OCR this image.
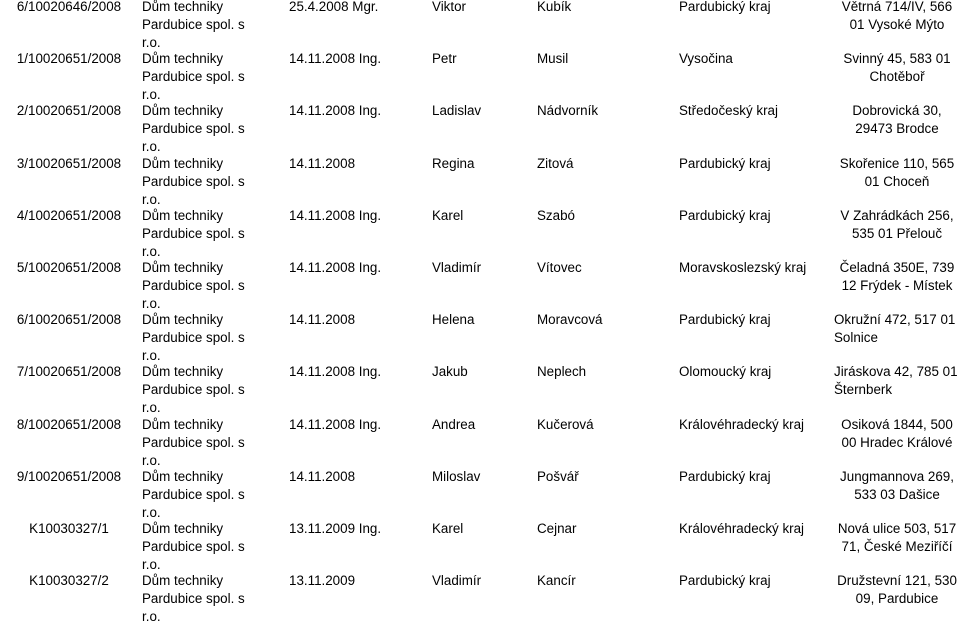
6/10020646/2008	Dům techniky
Pardubice spol. s
r.o.
25.4.2008 Mgr.	Viktor	Kubík	Pardubický kraj	Větrná 714/IV, 566
01 Vysoké Mýto
1/10020651/2008	Dům techniky
Pardubice spol. s
r.o.
14.11.2008 Ing.	Petr	Musil	Vysočina	Svinný 45, 583 01
Chotěboř
2/10020651/2008	Dům techniky
Pardubice spol. s
r.o.
14.11.2008 Ing.	Ladislav	Nádvorník	Středočeský kraj	Dobrovická 30,
29473 Brodce
3/10020651/2008	Dům techniky
Pardubice spol. s
r.o.
14.11.2008	Regina	Zitová	Pardubický kraj	Skořenice 110, 565
01 Choceň
4/10020651/2008	Dům techniky
Pardubice spol. s
r.o.
14.11.2008 Ing.	Karel	Szabó	Pardubický kraj	V Zahrádkách 256,
535 01 Přelouč
5/10020651/2008	Dům techniky
Pardubice spol. s
r.o.
14.11.2008 Ing.	Vladimír	Vítovec	Moravskoslezský kraj	Čeladná 350E, 739
12 Frýdek - Místek
6/10020651/2008	Dům techniky
Pardubice spol. s
r.o.
14.11.2008	Helena	Moravcová	Pardubický kraj	Okružní 472, 517 01
Solnice
7/10020651/2008	Dům techniky
Pardubice spol. s
r.o.
14.11.2008 Ing.	Jakub	Neplech	Olomoucký kraj	Jiráskova 42, 785 01
Šternberk
8/10020651/2008	Dům techniky
Pardubice spol. s
r.o.
14.11.2008 Ing.	Andrea	Kučerová	Královéhradecký kraj	Osiková 1844, 500
00 Hradec Králové
9/10020651/2008	Dům techniky
Pardubice spol. s
r.o.
14.11.2008	Miloslav	Pošvář	Pardubický kraj	Jungmannova 269,
533 03 Dašice
K10030327/1	Dům techniky
Pardubice spol. s
r.o.
13.11.2009 Ing.	Karel	Cejnar	Královéhradecký kraj	Nová ulice 503, 517
71, České Meziříčí
K10030327/2	Dům techniky
Pardubice spol. s
r.o.
13.11.2009	Vladimír	Kancír	Pardubický kraj	Družstevní 121, 530
09, Pardubice
